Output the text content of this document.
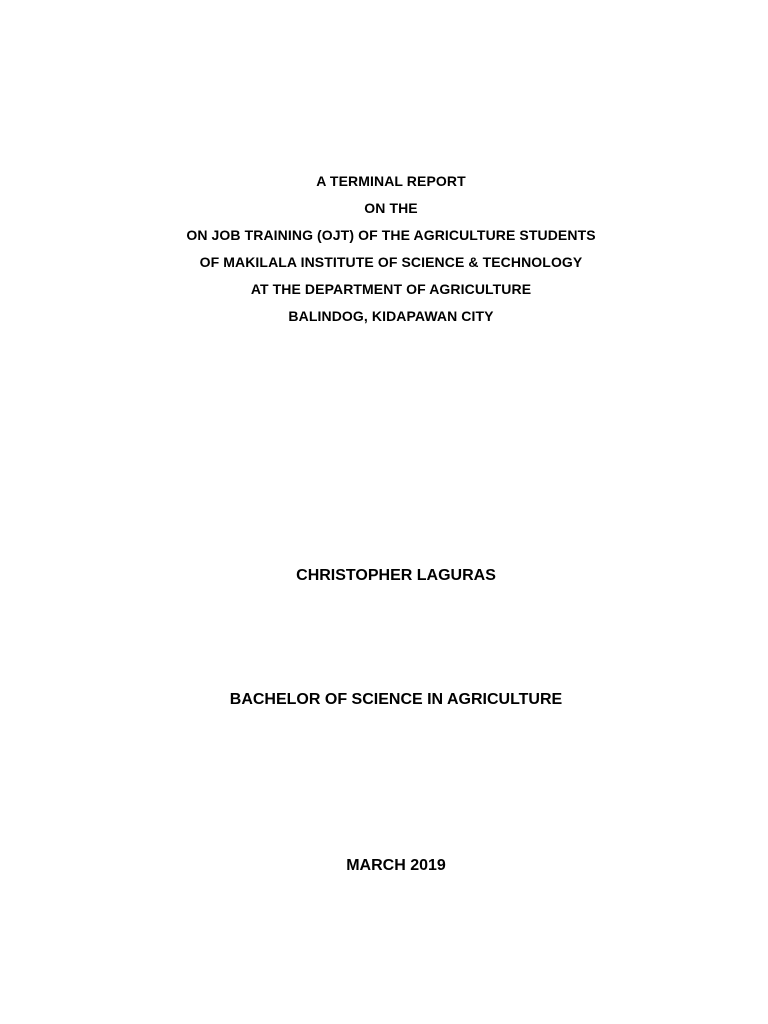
A TERMINAL REPORT
ON THE
ON JOB TRAINING (OJT) OF THE AGRICULTURE STUDENTS
OF MAKILALA INSTITUTE OF SCIENCE & TECHNOLOGY
AT THE DEPARTMENT OF AGRICULTURE
BALINDOG, KIDAPAWAN CITY
CHRISTOPHER LAGURAS
BACHELOR OF SCIENCE IN AGRICULTURE
MARCH 2019
